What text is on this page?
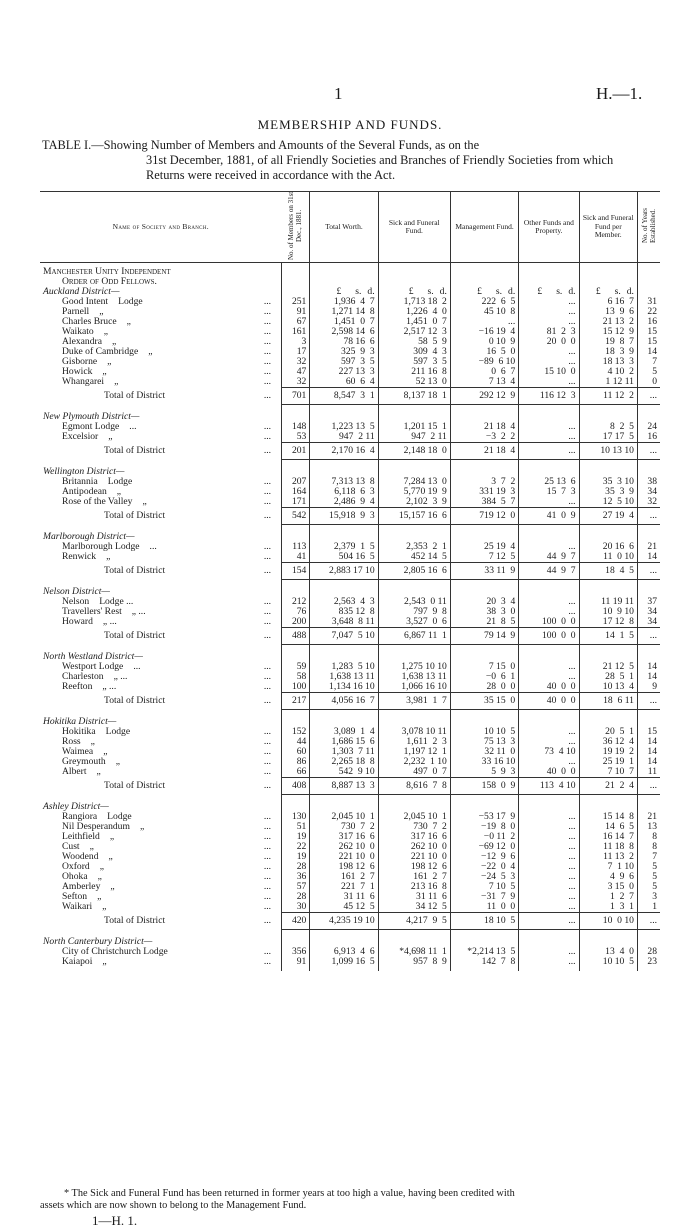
1	H.—1.
MEMBERSHIP AND FUNDS.
TABLE I.—Showing Number of Members and Amounts of the Several Funds, as on the
31st December, 1881, of all Friendly Societies and Branches of Friendly Societies from which
Returns were received in accordance with the Act.
Name of Society and Branch.		No. of Members on 31st Dec., 1881.	Total Worth.	Sick and Funeral Fund.	Management Fund.	Other Funds and Property.	Sick and Funeral Fund per Member.	No. of Years Established.

Manchester Unity Independent								
Order of Odd Fellows.								
Auckland District—			£ s. d.	£ s. d.	£ s. d.	£ s. d.	£ s. d.	
Good Intent Lodge	...	251	1,936  4  7	1,713 18  2	222  6  5	...	6 16  7	31
Parnell „	...	91	1,271 14  8	1,226  4  0	45 10  8	...	13  9  6	22
Charles Bruce „	...	67	1,451  0  7	1,451  0  7	...	...	21 13  2	16
Waikato „	...	161	2,598 14  6	2,517 12  3	−16 19  4	81  2  3	15 12  9	15
Alexandra „	...	3	78 16  6	58  5  9	0 10  9	20  0  0	19  8  7	15
Duke of Cambridge „	...	17	325  9  3	309  4  3	16  5  0	...	18  3  9	14
Gisborne „	...	32	597  3  5	597  3  5	−89  6 10	...	18 13  3	7
Howick „	...	47	227 13  3	211 16  8	0  6  7	15 10  0	4 10  2	5
Whangarei „	...	32	60  6  4	52 13  0	7 13  4	...	1 12 11	0
Total of District	...	701	8,547  3  1	8,137 18  1	292 12  9	116 12  3	11 12  2	...

New Plymouth District—								
Egmont Lodge ...	...	148	1,223 13  5	1,201 15  1	21 18  4	...	8  2  5	24
Excelsior „	...	53	947  2 11	947  2 11	−3  2  2	...	17 17  5	16
Total of District	...	201	2,170 16  4	2,148 18  0	21 18  4	...	10 13 10	...

Wellington District—								
Britannia Lodge	...	207	7,313 13  8	7,284 13  0	3  7  2	25 13  6	35  3 10	38
Antipodean „	...	164	6,118  6  3	5,770 19  9	331 19  3	15  7  3	35  3  9	34
Rose of the Valley „	...	171	2,486  9  4	2,102  3  9	384  5  7	...	12  5 10	32
Total of District	...	542	15,918  9  3	15,157 16  6	719 12  0	41  0  9	27 19  4	...

Marlborough District—								
Marlborough Lodge ...	...	113	2,379  1  5	2,353  2  1	25 19  4	...	20 16  6	21
Renwick „	...	41	504 16  5	452 14  5	7 12  5	44  9  7	11  0 10	14
Total of District	...	154	2,883 17 10	2,805 16  6	33 11  9	44  9  7	18  4  5	...

Nelson District—								
Nelson Lodge ...	...	212	2,563  4  3	2,543  0 11	20  3  4	...	11 19 11	37
Travellers' Rest „ ...	...	76	835 12  8	797  9  8	38  3  0	...	10  9 10	34
Howard „ ...	...	200	3,648  8 11	3,527  0  6	21  8  5	100  0  0	17 12  8	34
Total of District	...	488	7,047  5 10	6,867 11  1	79 14  9	100  0  0	14  1  5	...

North Westland District—								
Westport Lodge ...	...	59	1,283  5 10	1,275 10 10	7 15  0	...	21 12  5	14
Charleston „ ...	...	58	1,638 13 11	1,638 13 11	−0  6  1	...	28  5  1	14
Reefton „ ...	...	100	1,134 16 10	1,066 16 10	28  0  0	40  0  0	10 13  4	9
Total of District	...	217	4,056 16  7	3,981  1  7	35 15  0	40  0  0	18  6 11	...

Hokitika District—								
Hokitika Lodge	...	152	3,089  1  4	3,078 10 11	10 10  5	...	20  5  1	15
Ross „	...	44	1,686 15  6	1,611  2  3	75 13  3	...	36 12  4	14
Waimea „	...	60	1,303  7 11	1,197 12  1	32 11  0	73  4 10	19 19  2	14
Greymouth „	...	86	2,265 18  8	2,232  1 10	33 16 10	...	25 19  1	14
Albert „	...	66	542  9 10	497  0  7	5  9  3	40  0  0	7 10  7	11
Total of District	...	408	8,887 13  3	8,616  7  8	158  0  9	113  4 10	21  2  4	...

Ashley District—								
Rangiora Lodge	...	130	2,045 10  1	2,045 10  1	−53 17  9	...	15 14  8	21
Nil Desperandum „	...	51	730  7  2	730  7  2	−19  8  0	...	14  6  5	13
Leithfield „	...	19	317 16  6	317 16  6	−0 11  2	...	16 14  7	8
Cust „	...	22	262 10  0	262 10  0	−69 12  0	...	11 18  8	8
Woodend „	...	19	221 10  0	221 10  0	−12  9  6	...	11 13  2	7
Oxford „	...	28	198 12  6	198 12  6	−22  0  4	...	7  1 10	5
Ohoka „	...	36	161  2  7	161  2  7	−24  5  3	...	4  9  6	5
Amberley „	...	57	221  7  1	213 16  8	7 10  5	...	3 15  0	5
Sefton „	...	28	31 11  6	31 11  6	−31  7  9	...	1  2  7	3
Waikari „	...	30	45 12  5	34 12  5	11  0  0	...	1  3  1	1
Total of District	...	420	4,235 19 10	4,217  9  5	18 10  5	...	10  0 10	...

North Canterbury District—								
City of Christchurch Lodge	...	356	6,913  4  6	*4,698 11  1	*2,214 13  5	...	13  4  0	28
Kaiapoi „	...	91	1,099 16  5	957  8  9	142  7  8	...	10 10  5	23

* The Sick and Funeral Fund has been returned in former years at too high a value, having been credited with
assets which are now shown to belong to the Management Fund.
1—H. 1.
